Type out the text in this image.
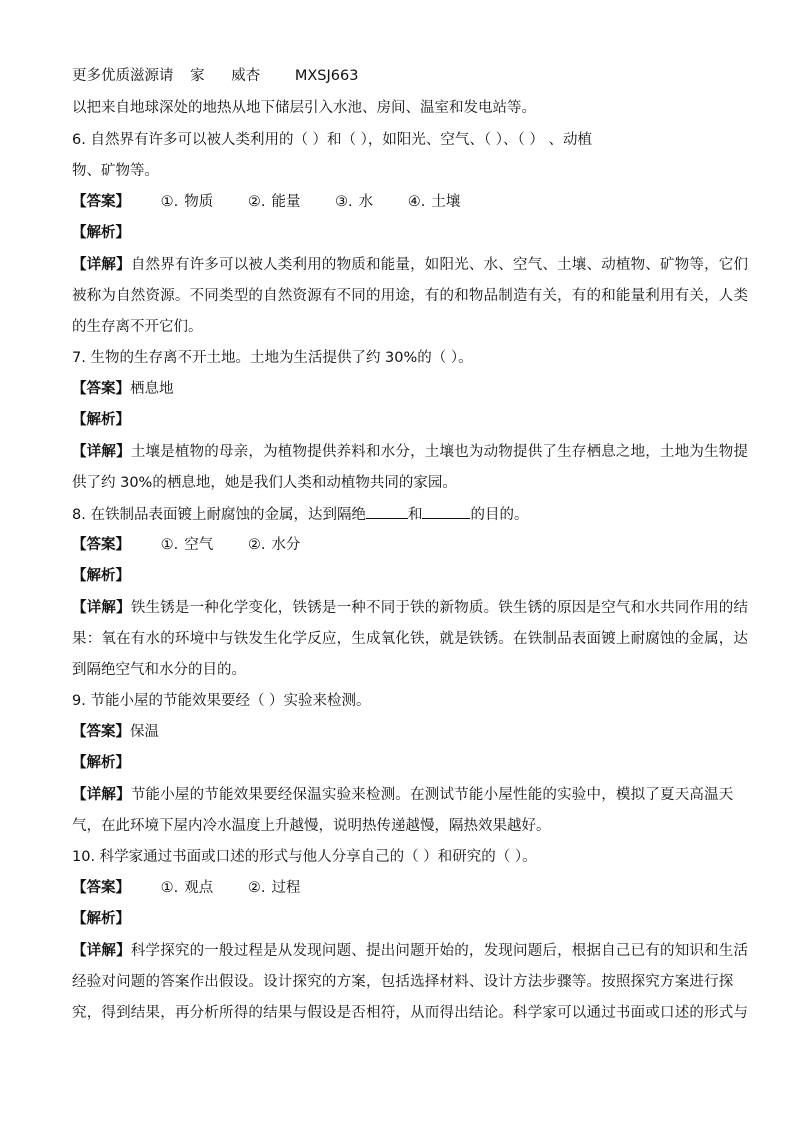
更多优质滋源请 家 威杏 MXSJ663
以把来自地球深处的地热从地下储层引入水池、房间、温室和发电站等。
6. 自然界有许多可以被人类利用的（ ）和（ ），如阳光、空气、（ ）、（ ） 、动植
物、矿物等。
【答案】 ①. 物质 ②. 能量 ③. 水 ④. 土壤
【解析】
【详解】自然界有许多可以被人类利用的物质和能量，如阳光、水、空气、土壤、动植物、矿物等，它们
被称为自然资源。不同类型的自然资源有不同的用途，有的和物品制造有关，有的和能量利用有关，人类
的生存离不开它们。
7. 生物的生存离不开土地。土地为生活提供了约 30%的（ ）。
【答案】栖息地
【解析】
【详解】土壤是植物的母亲，为植物提供养料和水分，土壤也为动物提供了生存栖息之地，土地为生物提
供了约 30%的栖息地，她是我们人类和动植物共同的家园。
8. 在铁制品表面镀上耐腐蚀的金属，达到隔绝	和	的目的。
【答案】 ①. 空气 ②. 水分
【解析】
【详解】铁生锈是一种化学变化，铁锈是一种不同于铁的新物质。铁生锈的原因是空气和水共同作用的结
果：氧在有水的环境中与铁发生化学反应，生成氧化铁，就是铁锈。在铁制品表面镀上耐腐蚀的金属，达
到隔绝空气和水分的目的。
9. 节能小屋的节能效果要经（ ）实验来检测。
【答案】保温
【解析】
【详解】节能小屋的节能效果要经保温实验来检测。在测试节能小屋性能的实验中，模拟了夏天高温天
气，在此环境下屋内冷水温度上升越慢，说明热传递越慢，隔热效果越好。
10. 科学家通过书面或口述的形式与他人分享自己的（ ）和研究的（ ）。
【答案】 ①. 观点 ②. 过程
【解析】
【详解】科学探究的一般过程是从发现问题、提出问题开始的，发现问题后，根据自己已有的知识和生活
经验对问题的答案作出假设。设计探究的方案，包括选择材料、设计方法步骤等。按照探究方案进行探
究，得到结果，再分析所得的结果与假设是否相符，从而得出结论。科学家可以通过书面或口述的形式与
